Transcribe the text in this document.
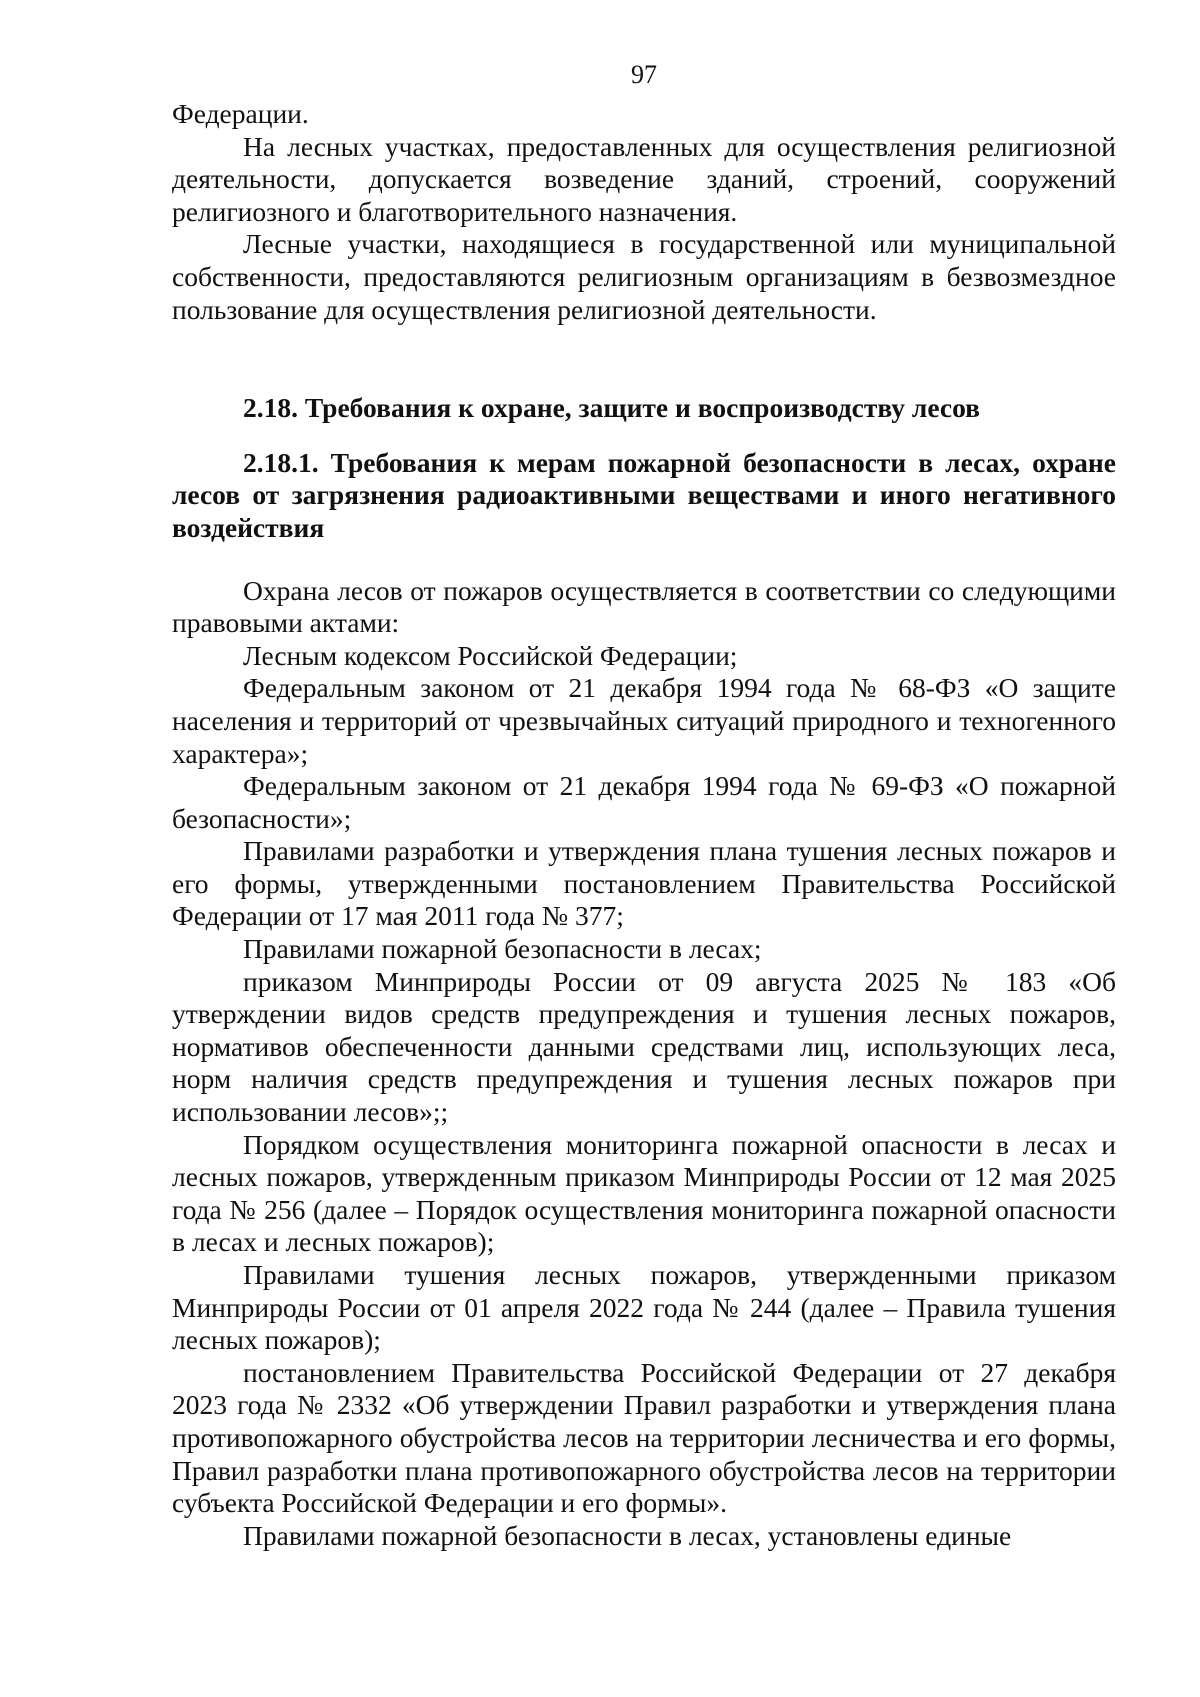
97

Федерации.

На лесных участках, предоставленных для осуществления религиозной деятельности, допускается возведение зданий, строений, сооружений религиозного и благотворительного назначения.

Лесные участки, находящиеся в государственной или муниципальной собственности, предоставляются религиозным организациям в безвозмездное пользование для осуществления религиозной деятельности.

2.18. Требования к охране, защите и воспроизводству лесов
2.18.1. Требования к мерам пожарной безопасности в лесах, охране лесов от загрязнения радиоактивными веществами и иного негативного воздействия

Охрана лесов от пожаров осуществляется в соответствии со следующими правовыми актами:

Лесным кодексом Российской Федерации;

Федеральным законом от 21 декабря 1994 года № 68-ФЗ «О защите населения и территорий от чрезвычайных ситуаций природного и техногенного характера»;

Федеральным законом от 21 декабря 1994 года № 69-ФЗ «О пожарной безопасности»;

Правилами разработки и утверждения плана тушения лесных пожаров и его формы, утвержденными постановлением Правительства Российской Федерации от 17 мая 2011 года № 377;

Правилами пожарной безопасности в лесах;

приказом Минприроды России от 09 августа 2025 № 183 «Об утверждении видов средств предупреждения и тушения лесных пожаров, нормативов обеспеченности данными средствами лиц, использующих леса, норм наличия средств предупреждения и тушения лесных пожаров при использовании лесов»;;

Порядком осуществления мониторинга пожарной опасности в лесах и лесных пожаров, утвержденным приказом Минприроды России от 12 мая 2025 года № 256 (далее – Порядок осуществления мониторинга пожарной опасности в лесах и лесных пожаров);

Правилами тушения лесных пожаров, утвержденными приказом Минприроды России от 01 апреля 2022 года № 244 (далее – Правила тушения лесных пожаров);

постановлением Правительства Российской Федерации от 27 декабря 2023 года № 2332 «Об утверждении Правил разработки и утверждения плана противопожарного обустройства лесов на территории лесничества и его формы, Правил разработки плана противопожарного обустройства лесов на территории субъекта Российской Федерации и его формы».

Правилами пожарной безопасности в лесах, установлены единые
